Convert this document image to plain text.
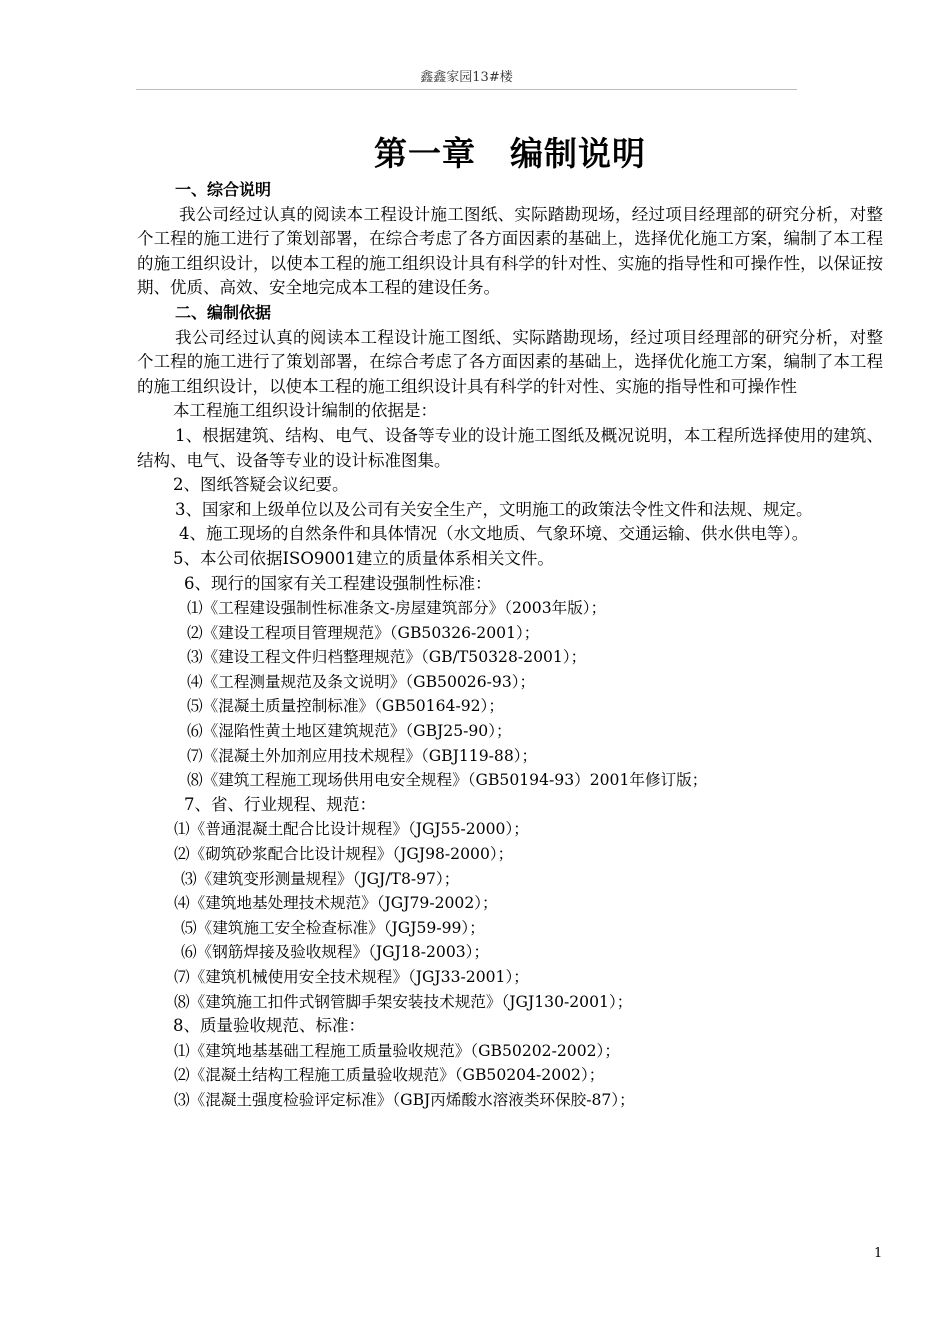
鑫鑫家园13#楼
第一章　编制说明
一、综合说明

我公司经过认真的阅读本工程设计施工图纸、实际踏勘现场，经过项目经理部的研究分析，对整个工程的施工进行了策划部署，在综合考虑了各方面因素的基础上，选择优化施工方案，编制了本工程的施工组织设计，以使本工程的施工组织设计具有科学的针对性、实施的指导性和可操作性，以保证按期、优质、高效、安全地完成本工程的建设任务。

二、编制依据

我公司经过认真的阅读本工程设计施工图纸、实际踏勘现场，经过项目经理部的研究分析，对整个工程的施工进行了策划部署，在综合考虑了各方面因素的基础上，选择优化施工方案，编制了本工程的施工组织设计，以使本工程的施工组织设计具有科学的针对性、实施的指导性和可操作性

本工程施工组织设计编制的依据是：

1、根据建筑、结构、电气、设备等专业的设计施工图纸及概况说明，本工程所选择使用的建筑、结构、电气、设备等专业的设计标准图集。

2、图纸答疑会议纪要。

3、国家和上级单位以及公司有关安全生产，文明施工的政策法令性文件和法规、规定。

4、施工现场的自然条件和具体情况（水文地质、气象环境、交通运输、供水供电等）。

5、本公司依据ISO9001建立的质量体系相关文件。
6、现行的国家有关工程建设强制性标准：
⑴《工程建设强制性标准条文-房屋建筑部分》（2003年版）；
⑵《建设工程项目管理规范》（GB50326-2001）；
⑶《建设工程文件归档整理规范》（GB/T50328-2001）；
⑷《工程测量规范及条文说明》（GB50026-93）；
⑸《混凝土质量控制标准》（GB50164-92）；
⑹《湿陷性黄土地区建筑规范》（GBJ25-90）；
⑺《混凝土外加剂应用技术规程》（GBJ119-88）；
⑻《建筑工程施工现场供用电安全规程》（GB50194-93）2001年修订版；
7、省、行业规程、规范：
⑴《普通混凝土配合比设计规程》（JGJ55-2000）；
⑵《砌筑砂浆配合比设计规程》（JGJ98-2000）；
⑶《建筑变形测量规程》（JGJ/T8-97）；
⑷《建筑地基处理技术规范》（JGJ79-2002）；
⑸《建筑施工安全检查标准》（JGJ59-99）；
⑹《钢筋焊接及验收规程》（JGJ18-2003）；
⑺《建筑机械使用安全技术规程》（JGJ33-2001）；
⑻《建筑施工扣件式钢管脚手架安装技术规范》（JGJ130-2001）；
8、质量验收规范、标准：
⑴《建筑地基基础工程施工质量验收规范》（GB50202-2002）；
⑵《混凝土结构工程施工质量验收规范》（GB50204-2002）；
⑶《混凝土强度检验评定标准》（GBJ丙烯酸水溶液类环保胶-87）；
1
